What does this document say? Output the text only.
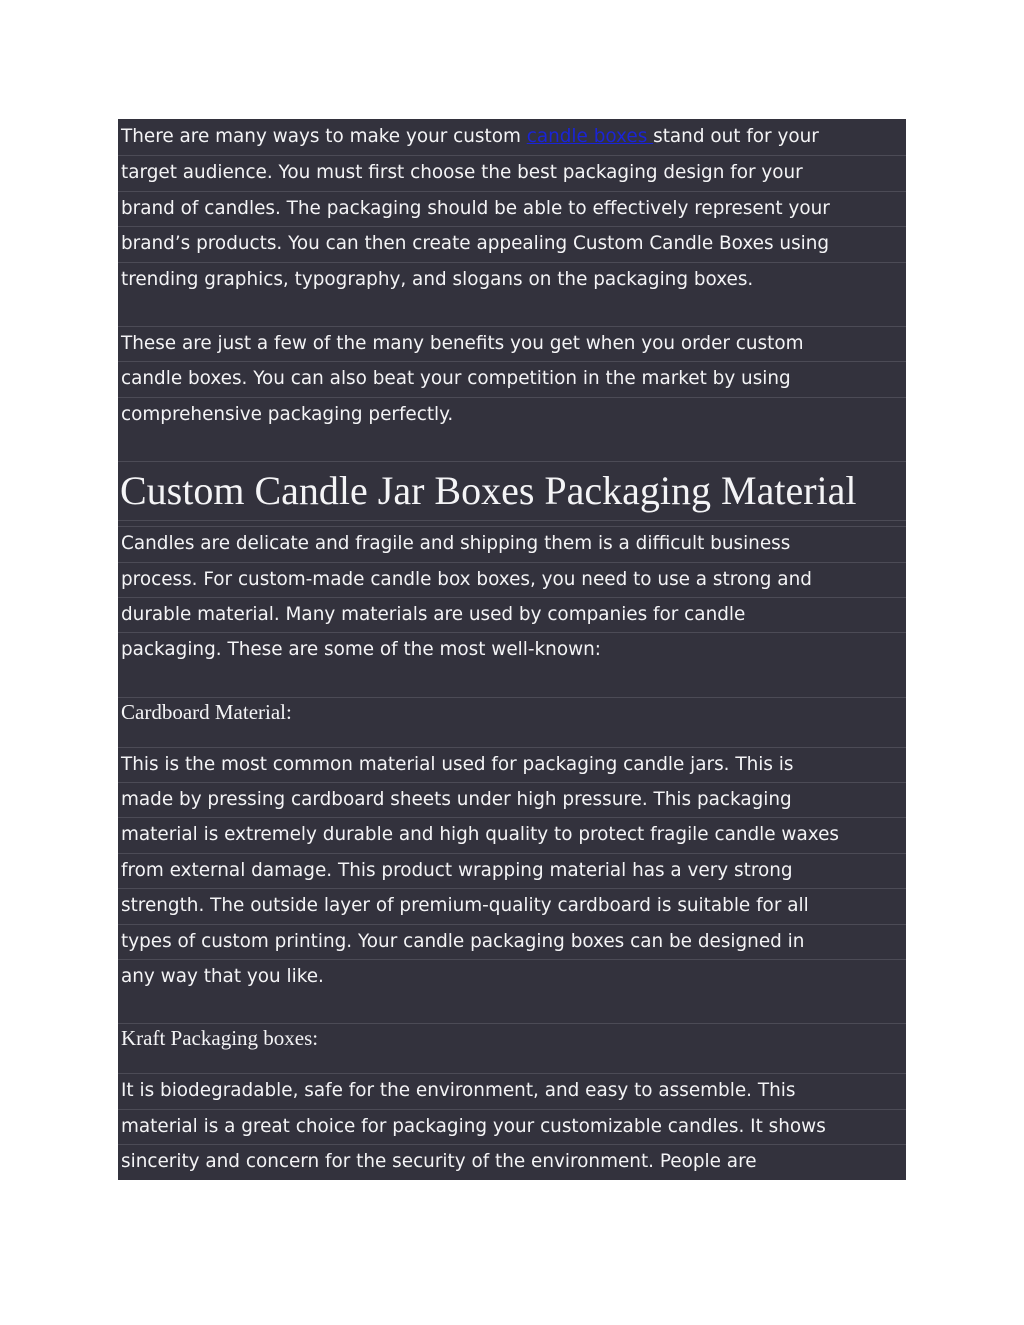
There are many ways to make your custom candle boxes stand out for your
target audience. You must first choose the best packaging design for your
brand of candles. The packaging should be able to effectively represent your
brand’s products. You can then create appealing Custom Candle Boxes using
trending graphics, typography, and slogans on the packaging boxes.
These are just a few of the many benefits you get when you order custom
candle boxes. You can also beat your competition in the market by using
comprehensive packaging perfectly.
Custom Candle Jar Boxes Packaging Material
Candles are delicate and fragile and shipping them is a difficult business
process. For custom-made candle box boxes, you need to use a strong and
durable material. Many materials are used by companies for candle
packaging. These are some of the most well-known:
Cardboard Material:
This is the most common material used for packaging candle jars. This is
made by pressing cardboard sheets under high pressure. This packaging
material is extremely durable and high quality to protect fragile candle waxes
from external damage. This product wrapping material has a very strong
strength. The outside layer of premium-quality cardboard is suitable for all
types of custom printing. Your candle packaging boxes can be designed in
any way that you like.
Kraft Packaging boxes:
It is biodegradable, safe for the environment, and easy to assemble. This
material is a great choice for packaging your customizable candles. It shows
sincerity and concern for the security of the environment. People are
